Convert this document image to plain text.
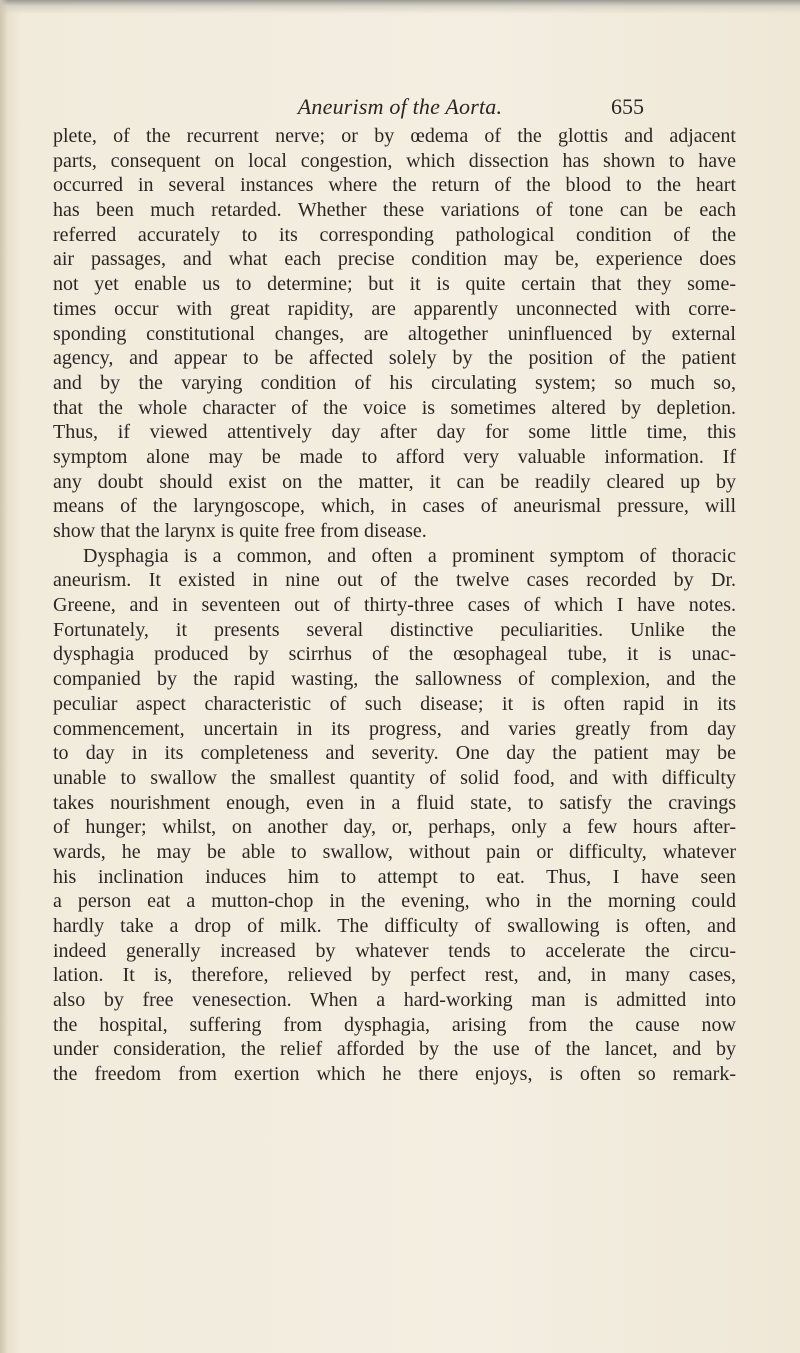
Aneurism of the Aorta.	655
plete, of the recurrent nerve; or by œdema of the glottis and adjacent
parts, consequent on local congestion, which dissection has shown to have
occurred in several instances where the return of the blood to the heart
has been much retarded. Whether these variations of tone can be each
referred accurately to its corresponding pathological condition of the
air passages, and what each precise condition may be, experience does
not yet enable us to determine; but it is quite certain that they some-
times occur with great rapidity, are apparently unconnected with corre-
sponding constitutional changes, are altogether uninfluenced by external
agency, and appear to be affected solely by the position of the patient
and by the varying condition of his circulating system; so much so,
that the whole character of the voice is sometimes altered by depletion.
Thus, if viewed attentively day after day for some little time, this
symptom alone may be made to afford very valuable information. If
any doubt should exist on the matter, it can be readily cleared up by
means of the laryngoscope, which, in cases of aneurismal pressure, will
show that the larynx is quite free from disease.
Dysphagia is a common, and often a prominent symptom of thoracic
aneurism. It existed in nine out of the twelve cases recorded by Dr.
Greene, and in seventeen out of thirty-three cases of which I have notes.
Fortunately, it presents several distinctive peculiarities. Unlike the
dysphagia produced by scirrhus of the œsophageal tube, it is unac-
companied by the rapid wasting, the sallowness of complexion, and the
peculiar aspect characteristic of such disease; it is often rapid in its
commencement, uncertain in its progress, and varies greatly from day
to day in its completeness and severity. One day the patient may be
unable to swallow the smallest quantity of solid food, and with difficulty
takes nourishment enough, even in a fluid state, to satisfy the cravings
of hunger; whilst, on another day, or, perhaps, only a few hours after-
wards, he may be able to swallow, without pain or difficulty, whatever
his inclination induces him to attempt to eat. Thus, I have seen
a person eat a mutton-chop in the evening, who in the morning could
hardly take a drop of milk. The difficulty of swallowing is often, and
indeed generally increased by whatever tends to accelerate the circu-
lation. It is, therefore, relieved by perfect rest, and, in many cases,
also by free venesection. When a hard-working man is admitted into
the hospital, suffering from dysphagia, arising from the cause now
under consideration, the relief afforded by the use of the lancet, and by
the freedom from exertion which he there enjoys, is often so remark-
